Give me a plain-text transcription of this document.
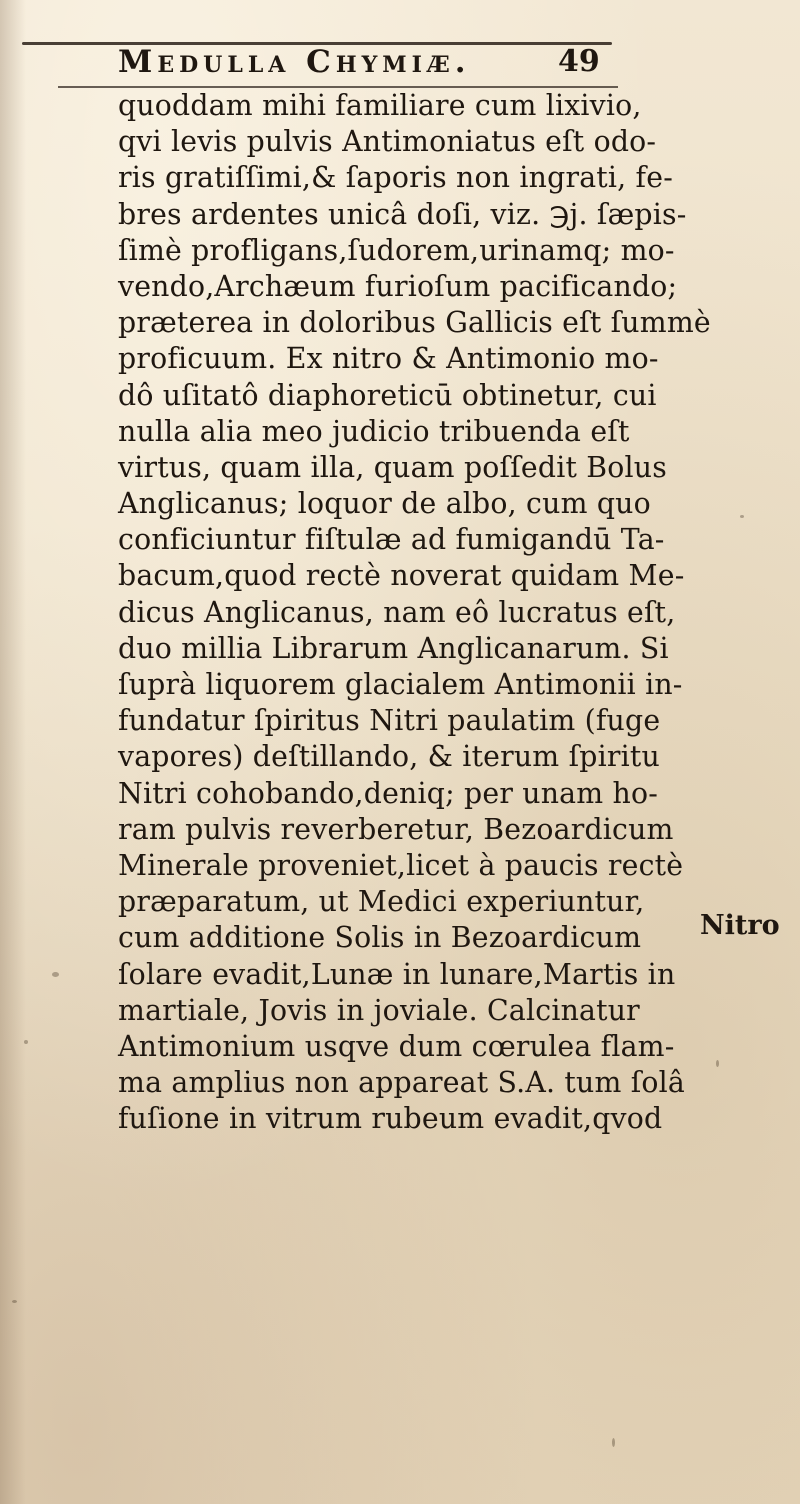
Medulla Chymiæ.	49
quoddam mihi familiare cum lixivio,
qvi levis pulvis Antimoniatus eſt odo-
ris gratiſſimi,& ſaporis non ingrati, fe-
bres ardentes unicâ doſi, viz. ℈j. ſæpis-
ſimè profligans,ſudorem,urinamq; mo-
vendo,Archæum furioſum pacificando;
præterea in doloribus Gallicis eſt ſummè
proficuum. Ex nitro & Antimonio mo-
dô uſitatô diaphoreticū obtinetur, cui
nulla alia meo judicio tribuenda eſt
virtus, quam illa, quam poſſedit Bolus
Anglicanus; loquor de albo, cum quo
conficiuntur fiſtulæ ad fumigandū Ta-
bacum,quod rectè noverat quidam Me-
dicus Anglicanus, nam eô lucratus eſt,
duo millia Librarum Anglicanarum. Si
ſuprà liquorem glacialem Antimonii in-
fundatur ſpiritus Nitri paulatim (fuge
vapores) deſtillando, & iterum ſpiritu
Nitri cohobando,deniq; per unam ho-
ram pulvis reverberetur, Bezoardicum
Minerale proveniet,licet à paucis rectè
præparatum, ut Medici experiuntur,
cum additione Solis in Bezoardicum
ſolare evadit,Lunæ in lunare,Martis in
martiale, Jovis in joviale. Calcinatur
Antimonium usqve dum cœrulea flam-
ma amplius non appareat S.A. tum ſolâ
fuſione in vitrum rubeum evadit,qvod
Nitro
